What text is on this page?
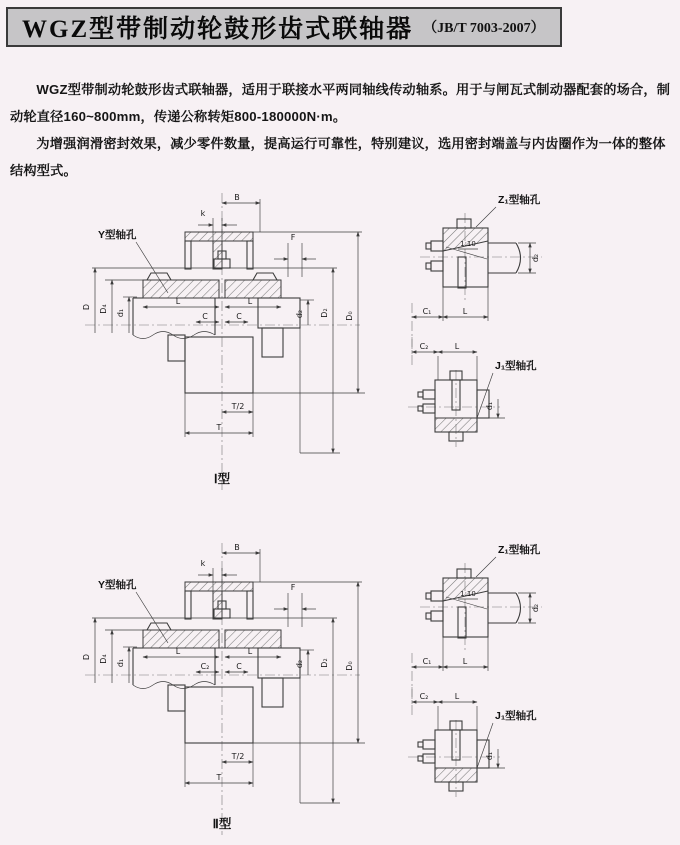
WGZ型带制动轮鼓形齿式联轴器 （JB/T 7003-2007）

WGZ型带制动轮鼓形齿式联轴器，适用于联接水平两同轴线传动轴系。用于与闸瓦式制动器配套的场合，制动轮直径160~800mm，传递公称转矩800-180000N·m。

为增强润滑密封效果，减少零件数量，提高运行可靠性，特别建议，选用密封端盖与内齿圈作为一体的整体结构型式。

Y型轴孔
B
k
F
D D₄ d₁
L	L
C	C	d₂ D₂ D₀
T/2
T
Z₁型轴孔
1:10
d₂
C₁	L
J₁型轴孔
C₂	L
d₁
Ⅰ型
Y型轴孔
B
k
F
D D₄ d₁
L	L
C₂	C	d₂ D₂ D₀
T/2
T
Z₁型轴孔
1:10
d₂
C₁	L
J₁型轴孔
C₂	L
d₁
Ⅱ型
